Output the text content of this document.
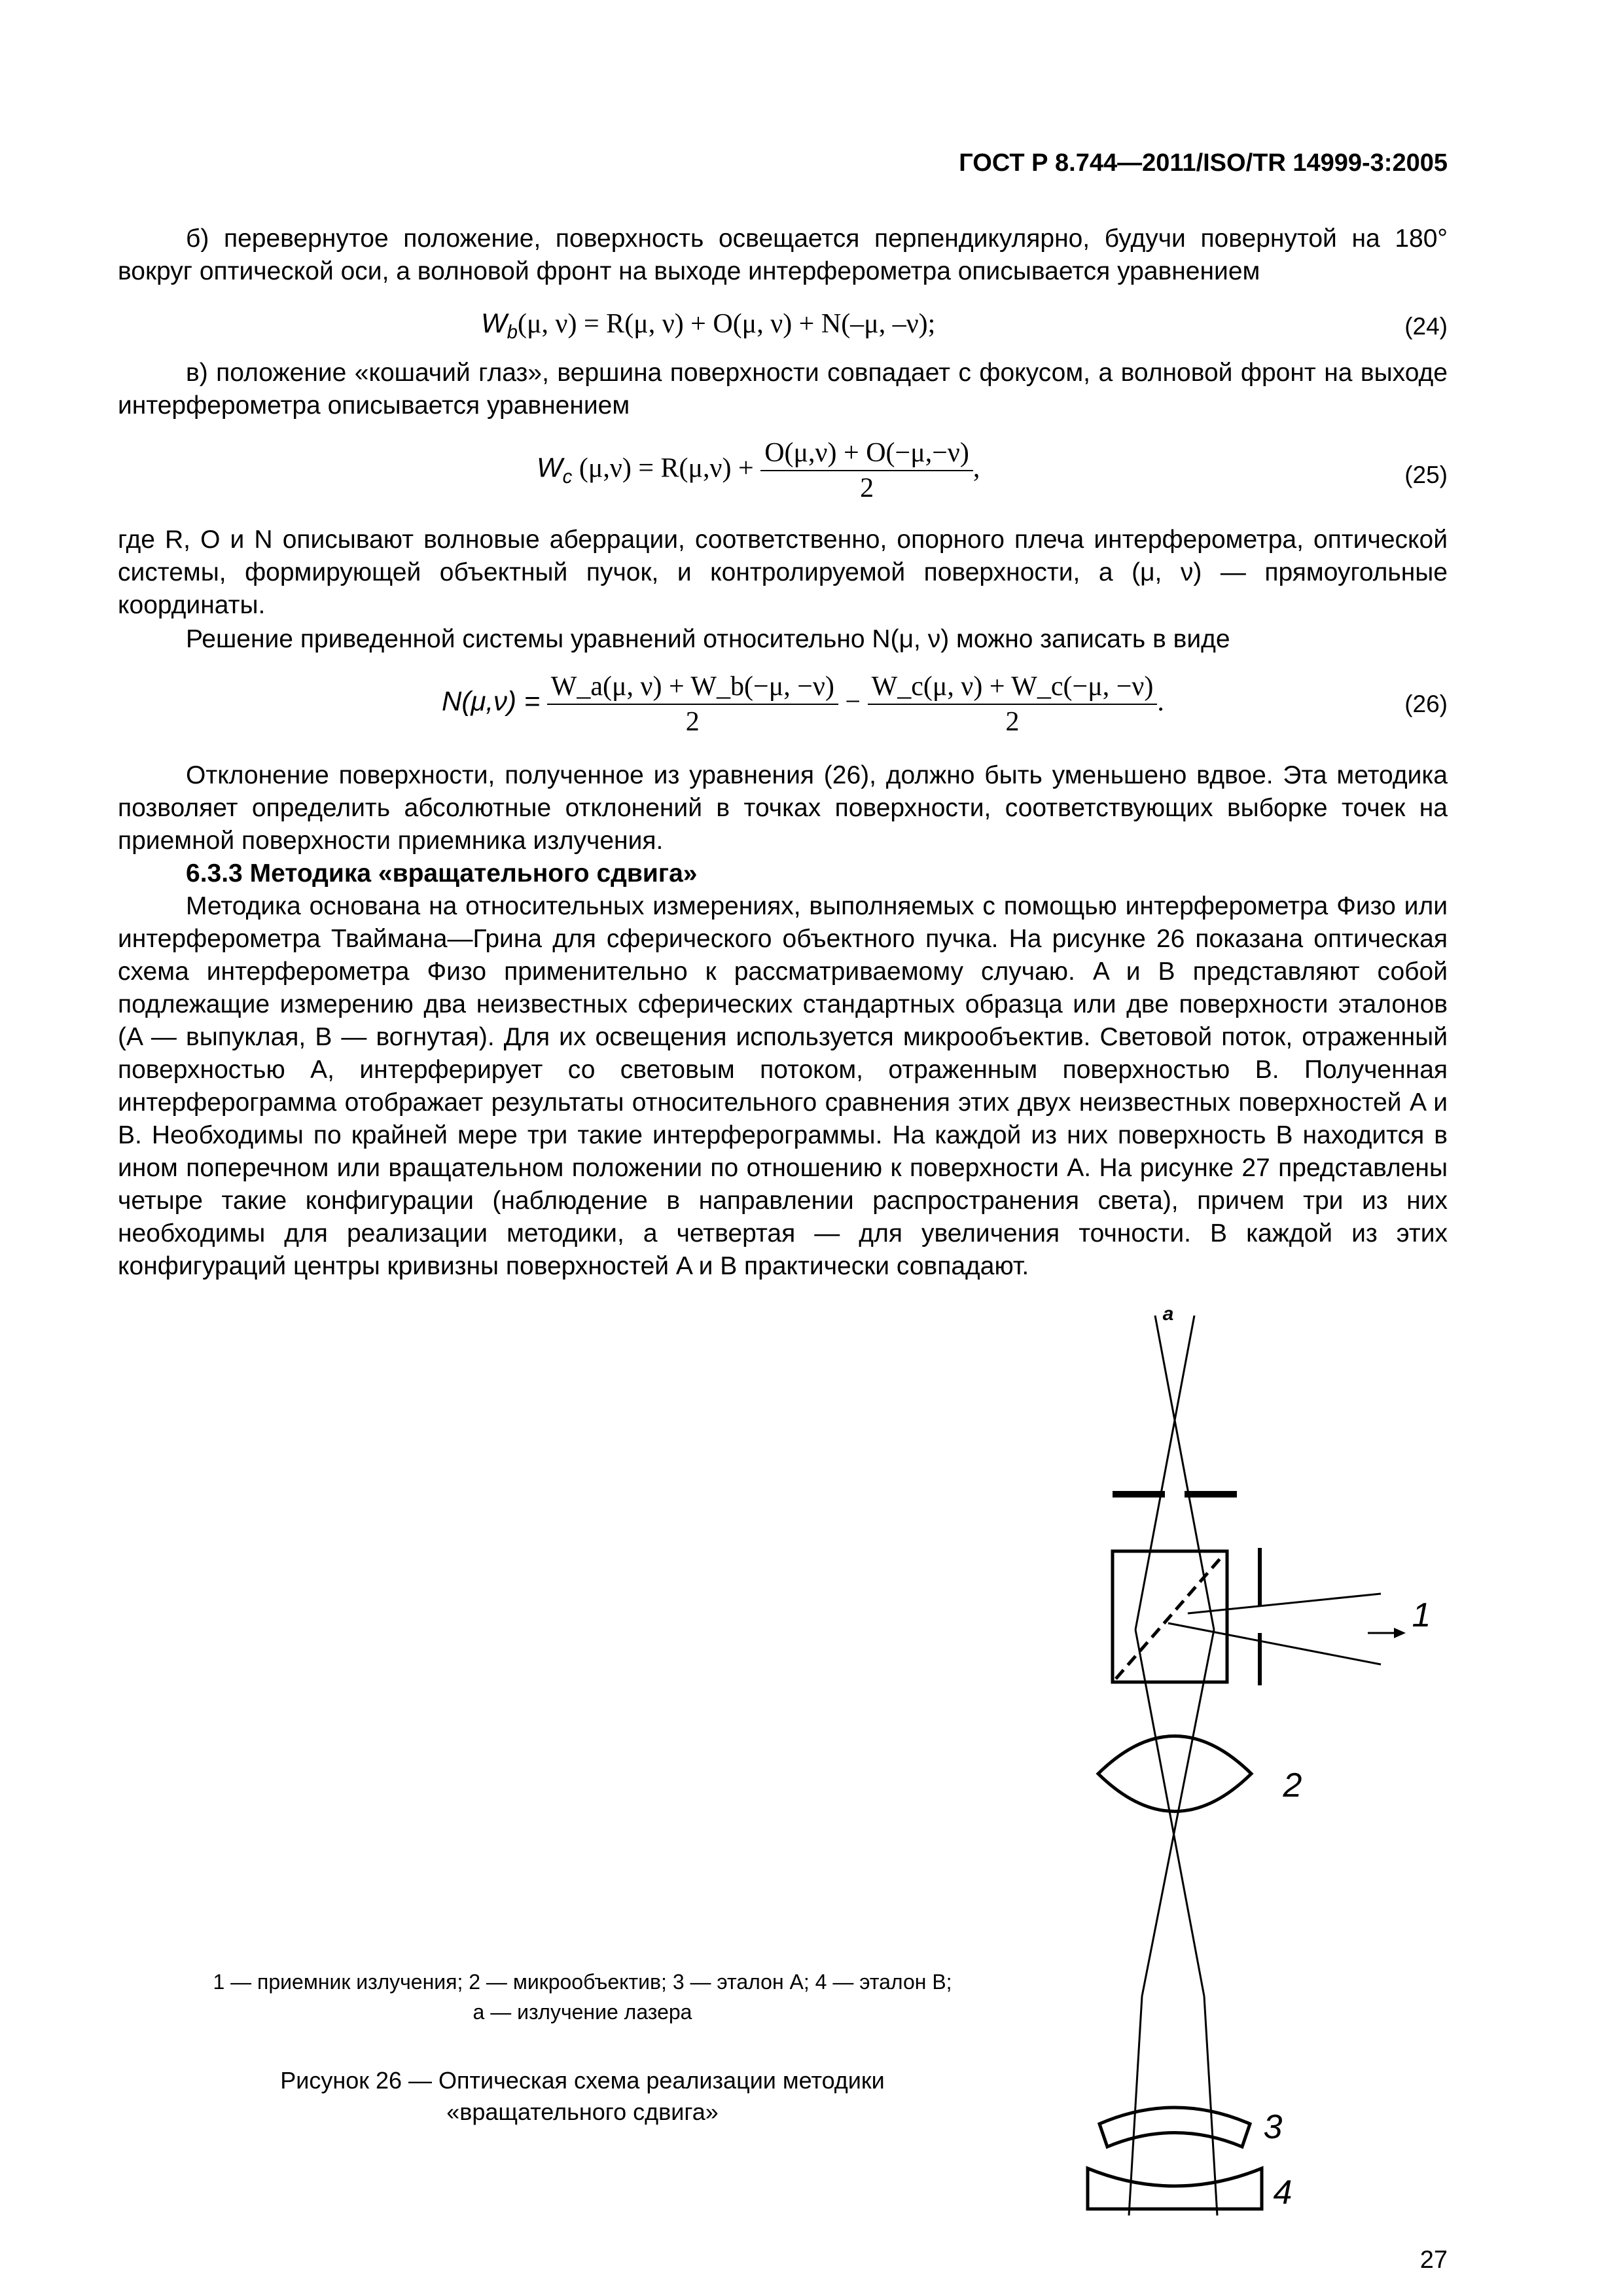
ГОСТ Р 8.744—2011/ISO/TR 14999-3:2005
б) перевернутое положение, поверхность освещается перпендикулярно, будучи повернутой на 180° вокруг оптической оси, а волновой фронт на выходе интерферометра описывается уравнением
$W_b(\mu$, ν) = R(μ, ν) + O(μ, ν) + N(–μ, –ν);	(24)
в) положение «кошачий глаз», вершина поверхности совпадает с фокусом, а волновой фронт на выходе интерферометра описывается уравнением
$W_c$ $(\mu,\nu) = R(\mu,\nu) + \frac{O(\mu,\nu) + O(-\mu,-\nu)}{2}$ ,	(25)
где R, O и N описывают волновые аберрации, соответственно, опорного плеча интерферометра, оптической системы, формирующей объектный пучок, и контролируемой поверхности, а (μ, ν) — прямоугольные координаты.
Решение приведенной системы уравнений относительно N(μ, ν) можно записать в виде
$N(\mu,\nu) = \frac{W\_a(\mu, \nu) + W\_b(-\mu, -\nu)}{2} - \frac{W\_c(\mu, \nu) + W\_c(-\mu, -\nu)}{2}$ .	(26)
Отклонение поверхности, полученное из уравнения (26), должно быть уменьшено вдвое. Эта методика позволяет определить абсолютные отклонений в точках поверхности, соответствующих выборке точек на приемной поверхности приемника излучения.
6.3.3 Методика «вращательного сдвига»
Методика основана на относительных измерениях, выполняемых с помощью интерферометра Физо или интерферометра Тваймана—Грина для сферического объектного пучка. На рисунке 26 показана оптическая схема интерферометра Физо применительно к рассматриваемому случаю. A и B представляют собой подлежащие измерению два неизвестных сферических стандартных образца или две поверхности эталонов (A — выпуклая, B — вогнутая). Для их освещения используется микрообъектив. Световой поток, отраженный поверхностью A, интерферирует со световым потоком, отраженным поверхностью B. Полученная интерферограмма отображает результаты относительного сравнения этих двух неизвестных поверхностей A и B. Необходимы по крайней мере три такие интерферограммы. На каждой из них поверхность B находится в ином поперечном или вращательном положении по отношению к поверхности A. На рисунке 27 представлены четыре такие конфигурации (наблюдение в направлении распространения света), причем три из них необходимы для реализации методики, а четвертая — для увеличения точности. В каждой из этих конфигураций центры кривизны поверхностей A и B практически совпадают.
a
1
2
3
4
1 — приемник излучения; 2 — микрообъектив; 3 — эталон A; 4 — эталон B;
a — излучение лазера
Рисунок 26 — Оптическая схема реализации методики
«вращательного сдвига»
27
